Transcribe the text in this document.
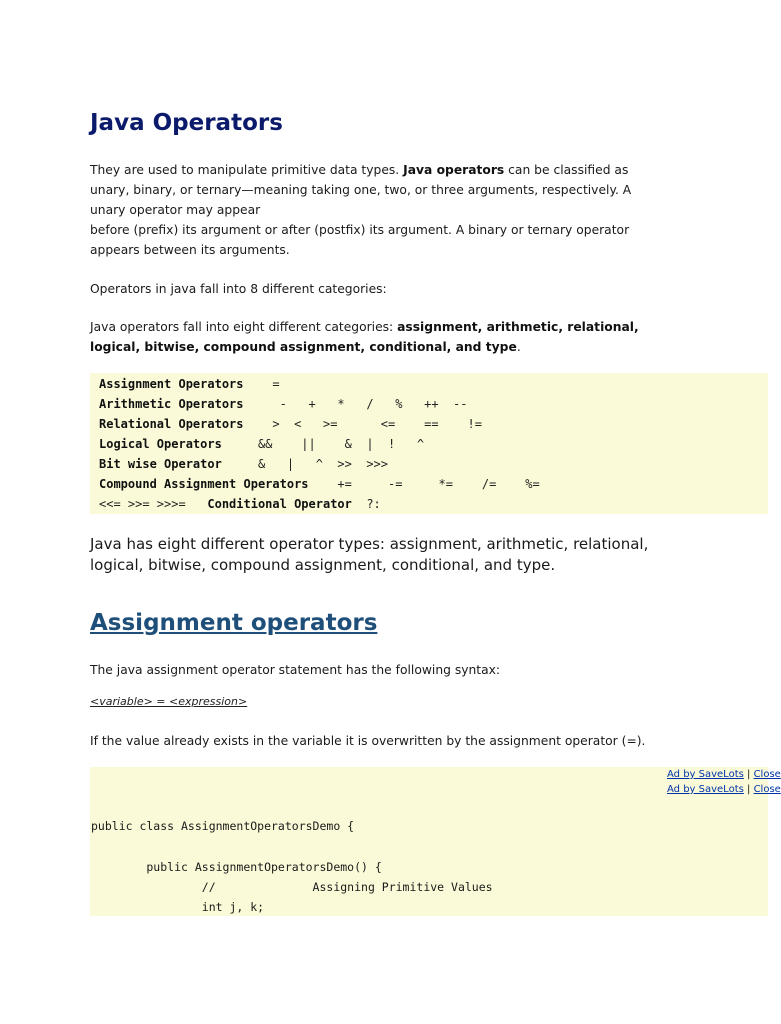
Java Operators

They are used to manipulate primitive data types. Java operators can be classified as
unary, binary, or ternary—meaning taking one, two, or three arguments, respectively. A
unary operator may appear
before (prefix) its argument or after (postfix) its argument. A binary or ternary operator
appears between its arguments.

Operators in java fall into 8 different categories:

Java operators fall into eight different categories: assignment, arithmetic, relational,
logical, bitwise, compound assignment, conditional, and type.

Assignment Operators    =
Arithmetic Operators     -   +   *   /   %   ++  --
Relational Operators    >  <   >=      <=    ==    !=
Logical Operators     &&    ||    &  |  !   ^
Bit wise Operator     &   |   ^  >>  >>>
Compound Assignment Operators    +=     -=     *=    /=    %=
<<= >>= >>>=   Conditional Operator  ?:

Java has eight different operator types: assignment, arithmetic, relational, logical, bitwise, compound assignment, conditional, and type.

Assignment operators

The java assignment operator statement has the following syntax:

<variable> = <expression>

If the value already exists in the variable it is overwritten by the assignment operator (=).

Ad by SaveLots | Close
Ad by SaveLots | Close
public class AssignmentOperatorsDemo {
public AssignmentOperatorsDemo() {
//              Assigning Primitive Values
int j, k;
